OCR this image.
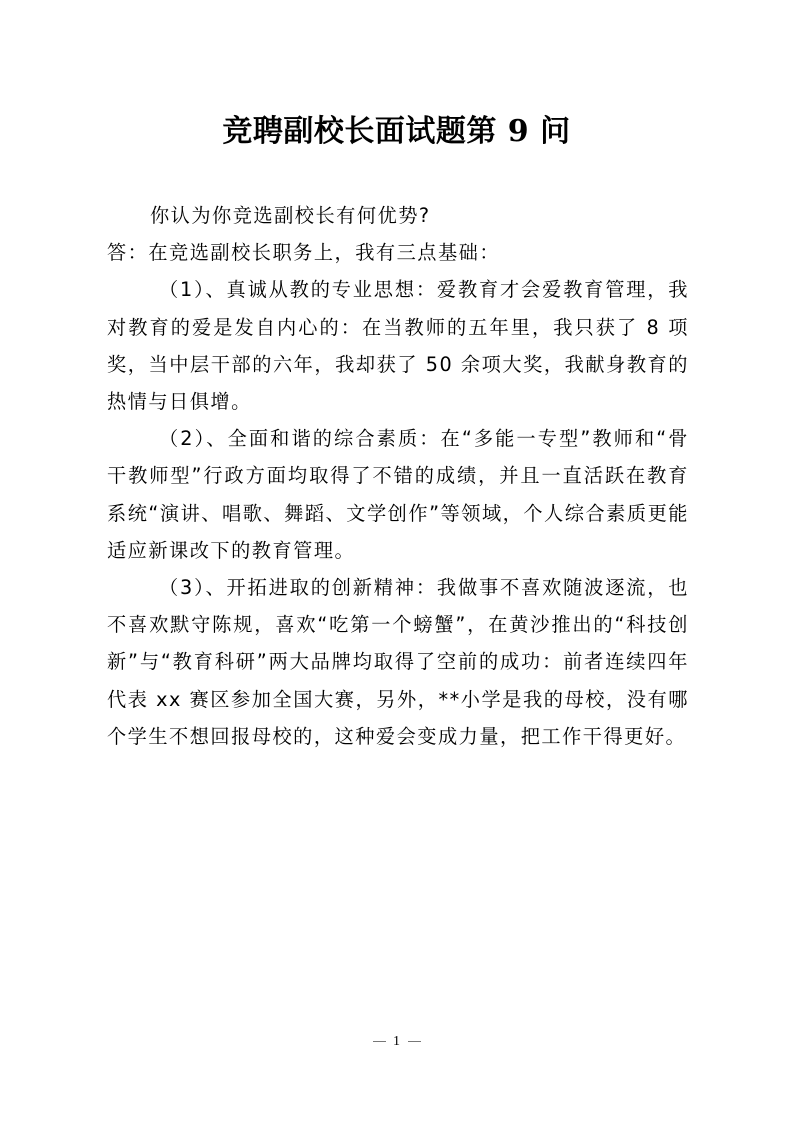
竞聘副校长面试题第 9 问

你认为你竞选副校长有何优势?

答：在竞选副校长职务上，我有三点基础：

（1）、真诚从教的专业思想：爱教育才会爱教育管理，我对教育的爱是发自内心的：在当教师的五年里，我只获了 8 项奖，当中层干部的六年，我却获了 50 余项大奖，我献身教育的热情与日俱增。

（2）、全面和谐的综合素质：在“多能一专型”教师和“骨干教师型”行政方面均取得了不错的成绩，并且一直活跃在教育系统“演讲、唱歌、舞蹈、文学创作”等领域，个人综合素质更能适应新课改下的教育管理。

（3）、开拓进取的创新精神：我做事不喜欢随波逐流，也不喜欢默守陈规，喜欢“吃第一个螃蟹”，在黄沙推出的“科技创新”与“教育科研”两大品牌均取得了空前的成功：前者连续四年代表 xx 赛区参加全国大赛，另外，**小学是我的母校，没有哪个学生不想回报母校的，这种爱会变成力量，把工作干得更好。

1
